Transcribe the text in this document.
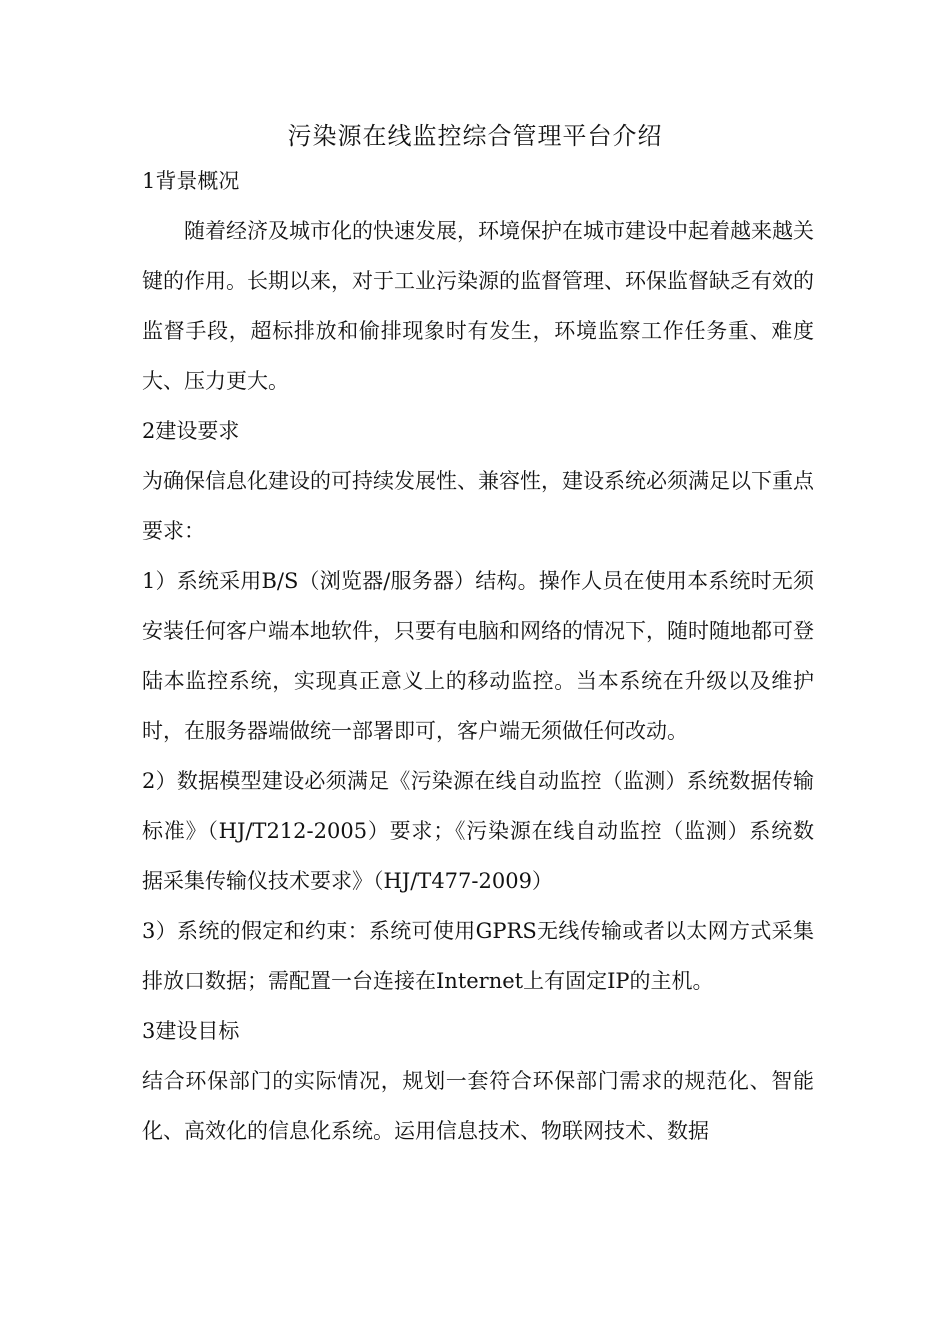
污染源在线监控综合管理平台介绍

1背景概况

随着经济及城市化的快速发展，环境保护在城市建设中起着越来越关键的作用。长期以来，对于工业污染源的监督管理、环保监督缺乏有效的监督手段，超标排放和偷排现象时有发生，环境监察工作任务重、难度大、压力更大。

2建设要求

为确保信息化建设的可持续发展性、兼容性，建设系统必须满足以下重点要求：

1）系统采用B/S（浏览器/服务器）结构。操作人员在使用本系统时无须安装任何客户端本地软件，只要有电脑和网络的情况下，随时随地都可登陆本监控系统，实现真正意义上的移动监控。当本系统在升级以及维护时，在服务器端做统一部署即可，客户端无须做任何改动。

2）数据模型建设必须满足《污染源在线自动监控（监测）系统数据传输标准》（HJ/T212-2005）要求；《污染源在线自动监控（监测）系统数据采集传输仪技术要求》（HJ/T477-2009）

3）系统的假定和约束：系统可使用GPRS无线传输或者以太网方式采集排放口数据；需配置一台连接在Internet上有固定IP的主机。

3建设目标

结合环保部门的实际情况，规划一套符合环保部门需求的规范化、智能化、高效化的信息化系统。运用信息技术、物联网技术、数据
